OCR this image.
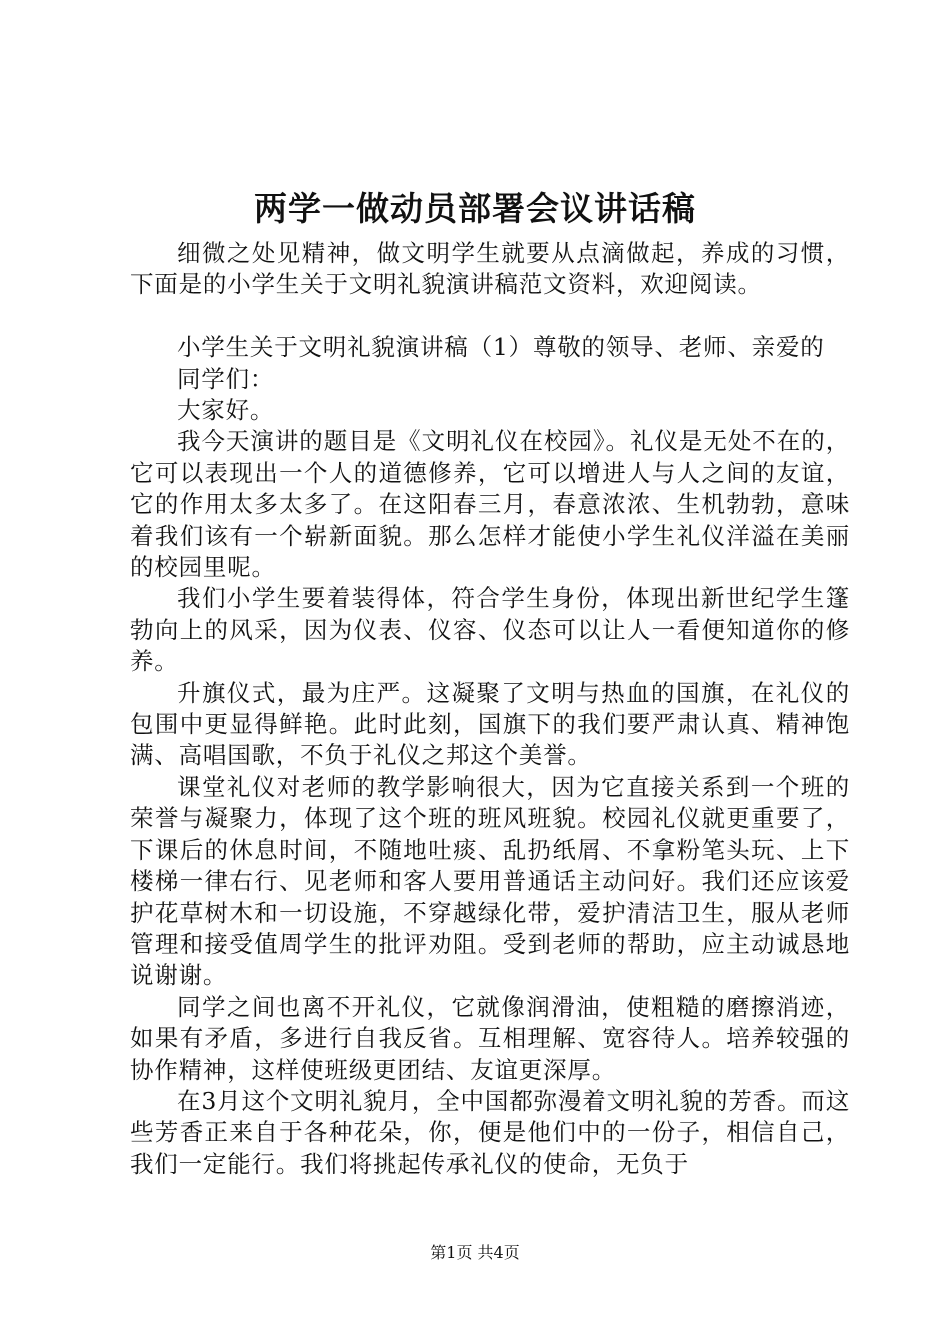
两学一做动员部署会议讲话稿

细微之处见精神，做文明学生就要从点滴做起，养成的习惯，下面是的小学生关于文明礼貌演讲稿范文资料，欢迎阅读。

小学生关于文明礼貌演讲稿（1）尊敬的领导、老师、亲爱的

同学们：

大家好。

我今天演讲的题目是《文明礼仪在校园》。礼仪是无处不在的，它可以表现出一个人的道德修养，它可以增进人与人之间的友谊，它的作用太多太多了。在这阳春三月，春意浓浓、生机勃勃，意味着我们该有一个崭新面貌。那么怎样才能使小学生礼仪洋溢在美丽的校园里呢。

我们小学生要着装得体，符合学生身份，体现出新世纪学生篷勃向上的风采，因为仪表、仪容、仪态可以让人一看便知道你的修养。

升旗仪式，最为庄严。这凝聚了文明与热血的国旗，在礼仪的包围中更显得鲜艳。此时此刻，国旗下的我们要严肃认真、精神饱满、高唱国歌，不负于礼仪之邦这个美誉。

课堂礼仪对老师的教学影响很大，因为它直接关系到一个班的荣誉与凝聚力，体现了这个班的班风班貌。校园礼仪就更重要了，下课后的休息时间，不随地吐痰、乱扔纸屑、不拿粉笔头玩、上下楼梯一律右行、见老师和客人要用普通话主动问好。我们还应该爱护花草树木和一切设施，不穿越绿化带，爱护清洁卫生，服从老师管理和接受值周学生的批评劝阻。受到老师的帮助，应主动诚恳地说谢谢。

同学之间也离不开礼仪，它就像润滑油，使粗糙的磨擦消迹，如果有矛盾，多进行自我反省。互相理解、宽容待人。培养较强的协作精神，这样使班级更团结、友谊更深厚。

在3月这个文明礼貌月，全中国都弥漫着文明礼貌的芳香。而这些芳香正来自于各种花朵，你，便是他们中的一份子，相信自己，我们一定能行。我们将挑起传承礼仪的使命，无负于

第1页 共4页
